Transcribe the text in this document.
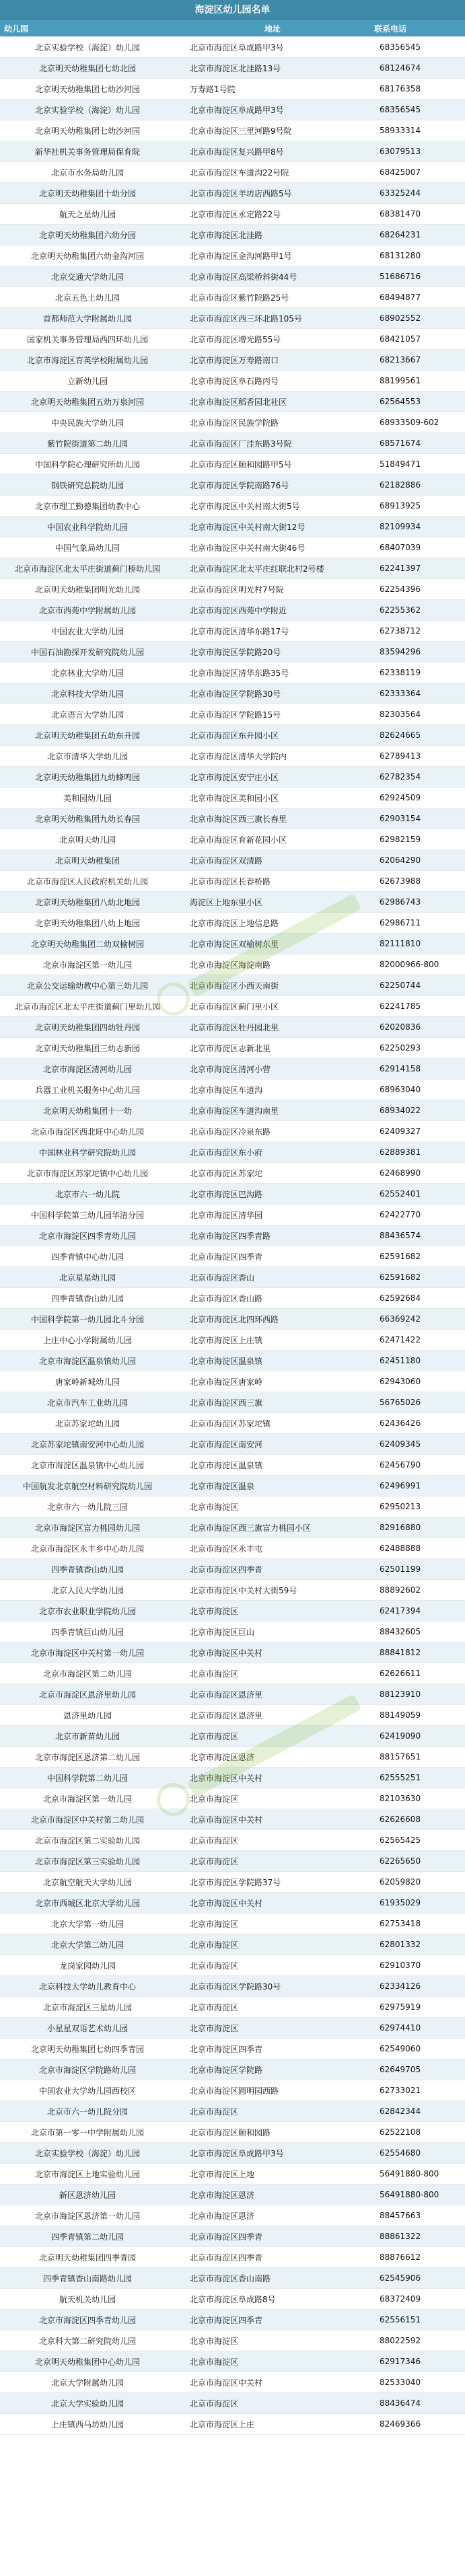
海淀区幼儿园名单
幼儿园	地址	联系电话
北京实验学校（海淀）幼儿园	北京市海淀区阜成路甲3号	68356545
北京明天幼稚集团七幼北园	北京市海淀区北洼路13号	68124674
北京明天幼稚集团七幼沙河园	万寿路1号院	68176358
北京实验学校（海淀）幼儿园	北京市海淀区阜成路甲3号	68356545
北京明天幼稚集团七幼沙河园	北京市海淀区三里河路9号院	58933314
新华社机关事务管理局保育院	北京市海淀区复兴路甲8号	63079513
北京市水务局幼儿园	北京市海淀区车道沟22号院	68425007
北京明天幼稚集团十幼分园	北京市海淀区羊坊店西路5号	63325244
航天之星幼儿园	北京市海淀区永定路22号	68381470
北京明天幼稚集团六幼分园	北京市海淀区北洼路	68264231
北京明天幼稚集团六幼金沟河园	北京市海淀区金沟河路甲1号	68131280
北京交通大学幼儿园	北京市海淀区高梁桥斜街44号	51686716
北京五色土幼儿园	北京市海淀区紫竹院路25号	68494877
首都师范大学附属幼儿园	北京市海淀区西三环北路105号	68902552
国家机关事务管理局西四环幼儿园	北京市海淀区增光路55号	68421057
北京市海淀区育英学校附属幼儿园	北京市海淀区万寿路南口	68213667
立新幼儿园	北京市海淀区阜石路丙号	88199561
北京明天幼稚集团五幼万泉河园	北京市海淀区稻香园北社区	62564553
中央民族大学幼儿园	北京市海淀区民族学院路	68933509-602
紫竹院街道第二幼儿园	北京市海淀区厂洼东路3号院	68571674
中国科学院心理研究所幼儿园	北京市海淀区颐和园路甲5号	51849471
钢铁研究总院幼儿园	北京市海淀区学院南路76号	62182886
北京市理工勤德集团幼教中心	北京市海淀区中关村南大街5号	68913925
中国农业科学院幼儿园	北京市海淀区中关村南大街12号	82109934
中国气象局幼儿园	北京市海淀区中关村南大街46号	68407039
北京市海淀区北太平庄街道蓟门桥幼儿园	北京市海淀区北太平庄红联北村2号楼	62241397
北京明天幼稚集团明光幼儿园	北京市海淀区明光村7号院	62254396
北京市西苑中学附属幼儿园	北京市海淀区西苑中学附近	62255362
中国农业大学幼儿园	北京市海淀区清华东路17号	62738712
中国石油勘探开发研究院幼儿园	北京市海淀区学院路20号	83594296
北京林业大学幼儿园	北京市海淀区清华东路35号	62338119
北京科技大学幼儿园	北京市海淀区学院路30号	62333364
北京语言大学幼儿园	北京市海淀区学院路15号	82303564
北京明天幼稚集团五幼东升园	北京市海淀区东升园小区	82624665
北京市清华大学幼儿园	北京市海淀区清华大学院内	62789413
北京明天幼稚集团九幼蜂鸣园	北京市海淀区安宁庄小区	62782354
美和园幼儿园	北京市海淀区美和园小区	62924509
北京明天幼稚集团九幼长春园	北京市海淀区西三旗长春里	62903154
北京明天幼儿园	北京市海淀区育新花园小区	62982159
北京明天幼稚集团	北京市海淀区双清路	62064290
北京市海淀区人民政府机关幼儿园	北京市海淀区长春桥路	62673988
北京明天幼稚集团八幼北地园	海淀区上地东里小区	62986743
北京明天幼稚集团八幼上地园	北京市海淀区上地信息路	62986711
北京明天幼稚集团二幼双榆树园	北京市海淀区双榆树东里	82111810
北京市海淀区第一幼儿园	北京市海淀区海淀南路	82000966-800
北京公交运输幼教中心第三幼儿园	北京市海淀区小西天南街	62250744
北京市海淀区北太平庄街道蓟门里幼儿园	北京市海淀区蓟门里小区	62241785
北京明天幼稚集团四幼牡丹园	北京市海淀区牡丹园北里	62020836
北京明天幼稚集团三幼志新园	北京市海淀区志新北里	62250293
北京市海淀区清河幼儿园	北京市海淀区清河小营	62914158
兵器工业机关服务中心幼儿园	北京市海淀区车道沟	68963040
北京明天幼稚集团十一幼	北京市海淀区车道沟南里	68934022
北京市海淀区西北旺中心幼儿园	北京市海淀区冷泉东路	62409327
中国林业科学研究院幼儿园	北京市海淀区东小府	62889381
北京市海淀区苏家坨镇中心幼儿园	北京市海淀区苏家坨	62468990
北京市六一幼儿院	北京市海淀区巴沟路	62552401
中国科学院第三幼儿园华清分园	北京市海淀区清华园	62422770
北京市海淀区四季青幼儿园	北京市海淀区四季青路	88436574
四季青镇中心幼儿园	北京市海淀区四季青	62591682
北京星星幼儿园	北京市海淀区香山	62591682
四季青镇香山幼儿园	北京市海淀区香山路	62592684
中国科学院第一幼儿园北斗分园	北京市海淀区北四环西路	66369242
上庄中心小学附属幼儿园	北京市海淀区上庄镇	62471422
北京市海淀区温泉镇幼儿园	北京市海淀区温泉镇	62451180
唐家岭新城幼儿园	北京市海淀区唐家岭	62943060
北京市汽车工业幼儿园	北京市海淀区西三旗	56765026
北京苏家坨幼儿园	北京市海淀区苏家坨镇	62436426
北京苏家坨镇南安河中心幼儿园	北京市海淀区南安河	62409345
北京市海淀区温泉镇中心幼儿园	北京市海淀区温泉镇	62456790
中国航发北京航空材料研究院幼儿园	北京市海淀区温泉	62496991
北京市六一幼儿院三园	北京市海淀区	62950213
北京市海淀区富力桃园幼儿园	北京市海淀区西三旗富力桃园小区	82916880
北京市海淀区永丰乡中心幼儿园	北京市海淀区永丰屯	62488888
四季青镇香山幼儿园	北京市海淀区四季青	62501199
北京人民大学幼儿园	北京市海淀区中关村大街59号	88892602
北京市农业职业学院幼儿园	北京市海淀区	62417394
四季青镇巨山幼儿园	北京市海淀区巨山	88432605
北京市海淀区中关村第一幼儿园	北京市海淀区中关村	88841812
北京市海淀区第二幼儿园	北京市海淀区	62626611
北京市海淀区恩济里幼儿园	北京市海淀区恩济里	88123910
恩济里幼儿园	北京市海淀区恩济里	88149059
北京市新苗幼儿园	北京市海淀区	62419090
北京市海淀区恩济第二幼儿园	北京市海淀区恩济	88157651
中国科学院第二幼儿园	北京市海淀区中关村	62555251
北京市海淀区第一幼儿园	北京市海淀区	82103630
北京市海淀区中关村第二幼儿园	北京市海淀区中关村	62626608
北京市海淀区第二实验幼儿园	北京市海淀区	62565425
北京市海淀区第三实验幼儿园	北京市海淀区	62265650
北京航空航天大学幼儿园	北京市海淀区学院路37号	62059820
北京市西城区北京大学幼儿园	北京市海淀区中关村	61935029
北京大学第一幼儿园	北京市海淀区	62753418
北京大学第二幼儿园	北京市海淀区	62801332
龙岗家园幼儿园	北京市海淀区	62910370
北京科技大学幼儿教育中心	北京市海淀区学院路30号	62334126
北京市海淀区三星幼儿园	北京市海淀区	62975919
小星星双语艺术幼儿园	北京市海淀区	62974410
北京明天幼稚集团七幼四季青园	北京市海淀区四季青	62549060
北京市海淀区学院路幼儿园	北京市海淀区学院路	62649705
中国农业大学幼儿园西校区	北京市海淀区圆明园西路	62733021
北京市六一幼儿院分园	北京市海淀区	62842344
北京市第一零一中学附属幼儿园	北京市海淀区颐和园路	62522108
北京实验学校（海淀）幼儿园	北京市海淀区阜成路甲3号	62554680
北京市海淀区上地实验幼儿园	北京市海淀区上地	56491880-800
新区恩济幼儿园	北京市海淀区恩济	56491880-800
北京市海淀区恩济第一幼儿园	北京市海淀区恩济	88457663
四季青镇第二幼儿园	北京市海淀区四季青	88861322
北京明天幼稚集团四季青园	北京市海淀区四季青	88876612
四季青镇香山南路幼儿园	北京市海淀区香山南路	62545906
航天机关幼儿园	北京市海淀区阜成路8号	68372409
北京市海淀区四季青幼儿园	北京市海淀区四季青	62556151
北京科大第二研究院幼儿园	北京市海淀区	88022592
北京明天幼稚集团中心幼儿园	北京市海淀区	62917346
北京大学附属幼儿园	北京市海淀区中关村	82533040
北京大学实验幼儿园	北京市海淀区	88436474
上庄镇西马坊幼儿园	北京市海淀区上庄	82469366
